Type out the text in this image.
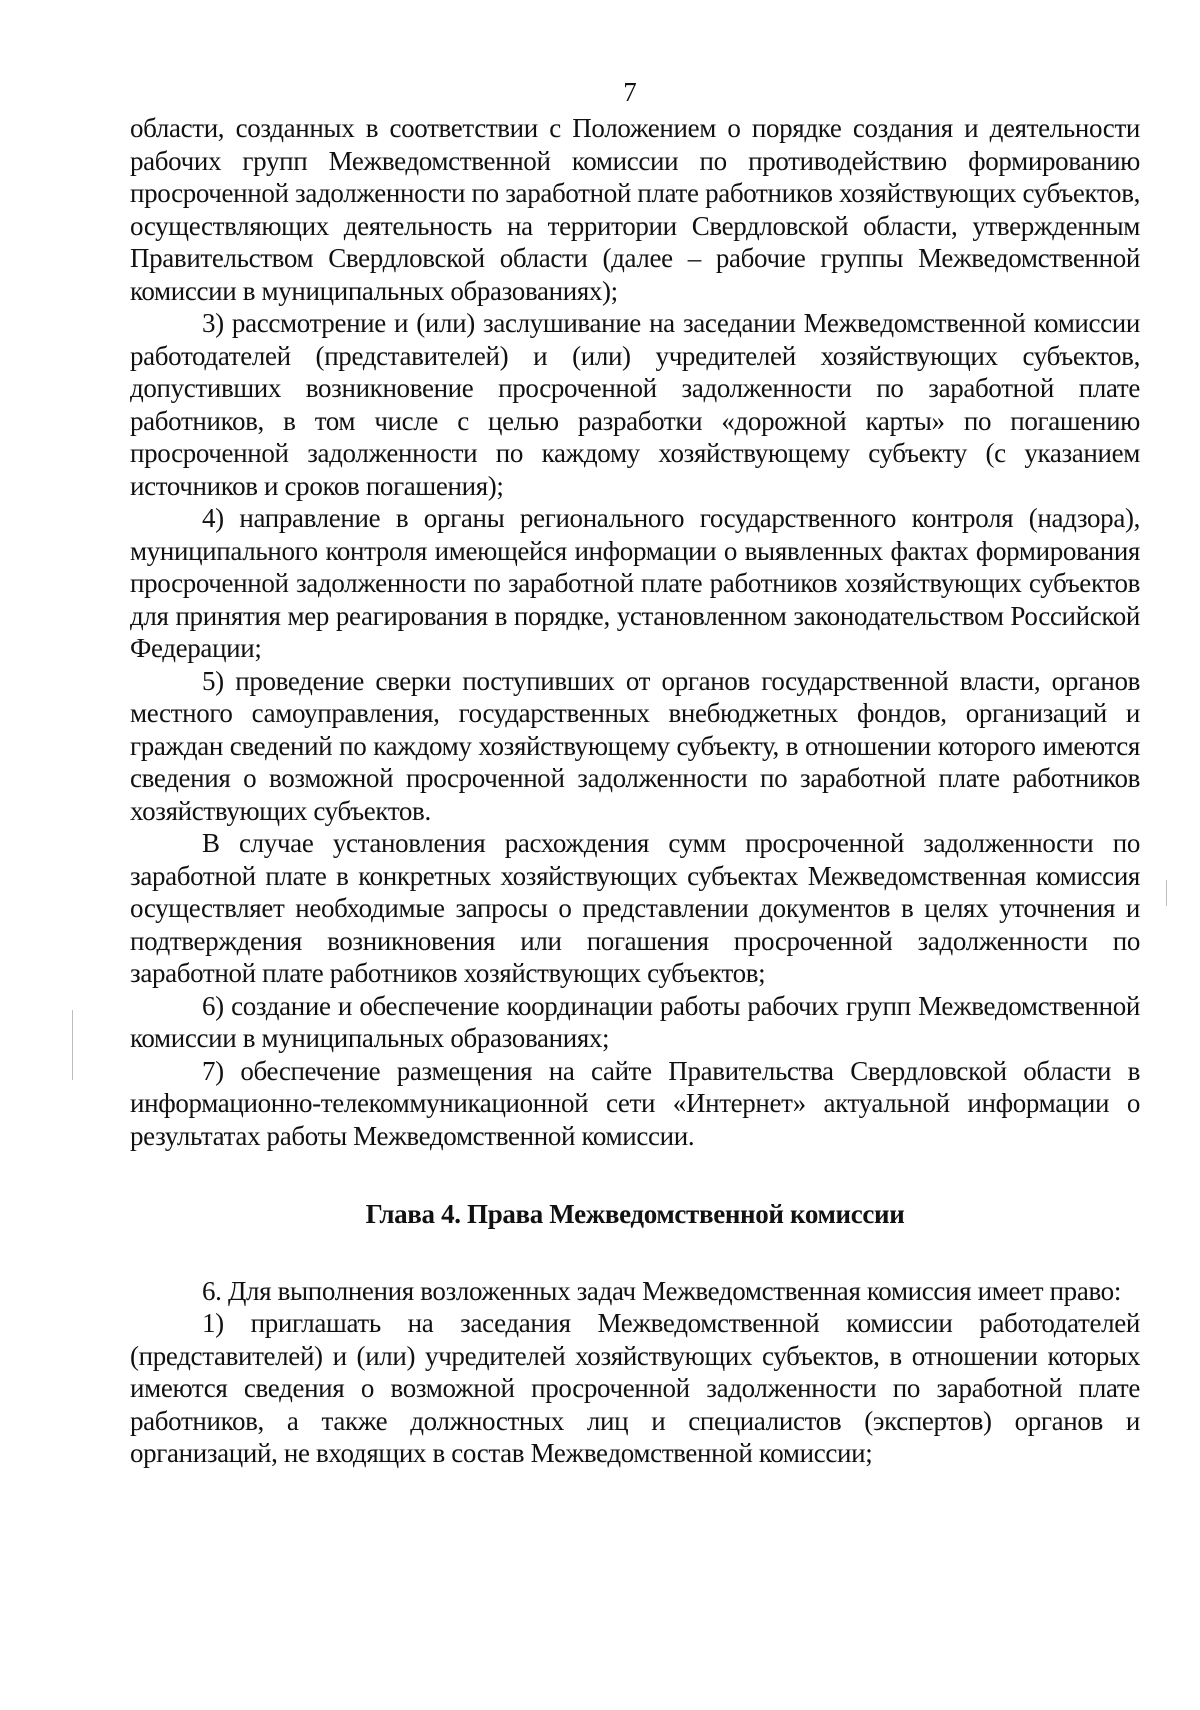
7

области, созданных в соответствии с Положением о порядке создания и деятельности рабочих групп Межведомственной комиссии по противодействию формированию просроченной задолженности по заработной плате работников хозяйствующих субъектов, осуществляющих деятельность на территории Свердловской области, утвержденным Правительством Свердловской области (далее – рабочие группы Межведомственной комиссии в муниципальных образованиях);

3) рассмотрение и (или) заслушивание на заседании Межведомственной комиссии работодателей (представителей) и (или) учредителей хозяйствующих субъектов, допустивших возникновение просроченной задолженности по заработной плате работников, в том числе с целью разработки «дорожной карты» по погашению просроченной задолженности по каждому хозяйствующему субъекту (с указанием источников и сроков погашения);

4) направление в органы регионального государственного контроля (надзора), муниципального контроля имеющейся информации о выявленных фактах формирования просроченной задолженности по заработной плате работников хозяйствующих субъектов для принятия мер реагирования в порядке, установленном законодательством Российской Федерации;

5) проведение сверки поступивших от органов государственной власти, органов местного самоуправления, государственных внебюджетных фондов, организаций и граждан сведений по каждому хозяйствующему субъекту, в отношении которого имеются сведения о возможной просроченной задолженности по заработной плате работников хозяйствующих субъектов.

В случае установления расхождения сумм просроченной задолженности по заработной плате в конкретных хозяйствующих субъектах Межведомственная комиссия осуществляет необходимые запросы о представлении документов в целях уточнения и подтверждения возникновения или погашения просроченной задолженности по заработной плате работников хозяйствующих субъектов;

6) создание и обеспечение координации работы рабочих групп Межведомственной комиссии в муниципальных образованиях;

7) обеспечение размещения на сайте Правительства Свердловской области в информационно-телекоммуникационной сети «Интернет» актуальной информации о результатах работы Межведомственной комиссии.

Глава 4. Права Межведомственной комиссии

6. Для выполнения возложенных задач Межведомственная комиссия имеет право:

1) приглашать на заседания Межведомственной комиссии работодателей (представителей) и (или) учредителей хозяйствующих субъектов, в отношении которых имеются сведения о возможной просроченной задолженности по заработной плате работников, а также должностных лиц и специалистов (экспертов) органов и организаций, не входящих в состав Межведомственной комиссии;
